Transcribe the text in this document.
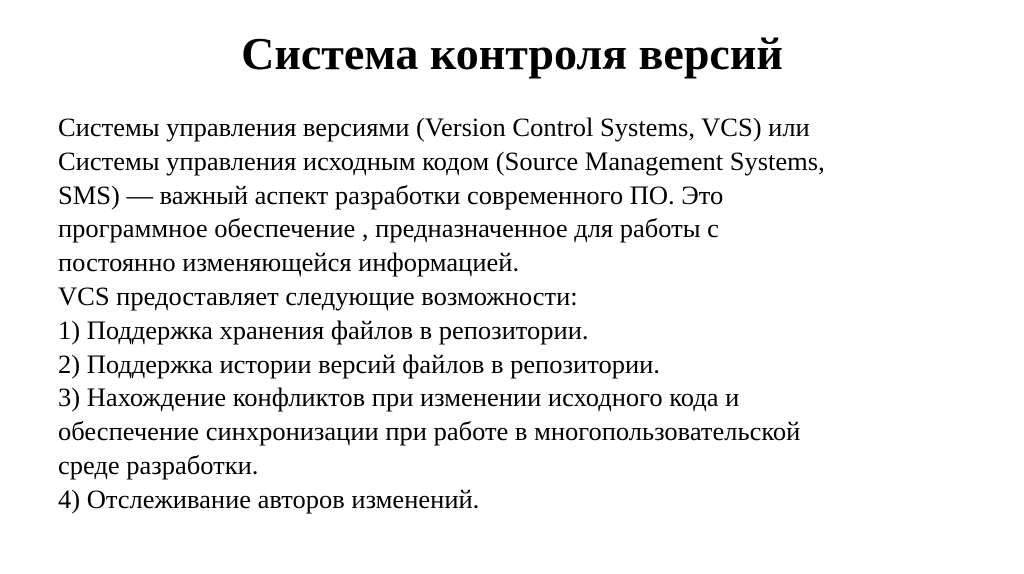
Система контроля версий
Системы управления версиями (Version Control Systems, VCS) или
Системы управления исходным кодом (Source Management Systems,
SMS) — важный аспект разработки современного ПО. Это
программное обеспечение , предназначенное для работы с
постоянно изменяющейся информацией.
VCS предоставляет следующие возможности:
1) Поддержка хранения файлов в репозитории.
2) Поддержка истории версий файлов в репозитории.
3) Нахождение конфликтов при изменении исходного кода и
обеспечение синхронизации при работе в многопользовательской
среде разработки.
4) Отслеживание авторов изменений.
